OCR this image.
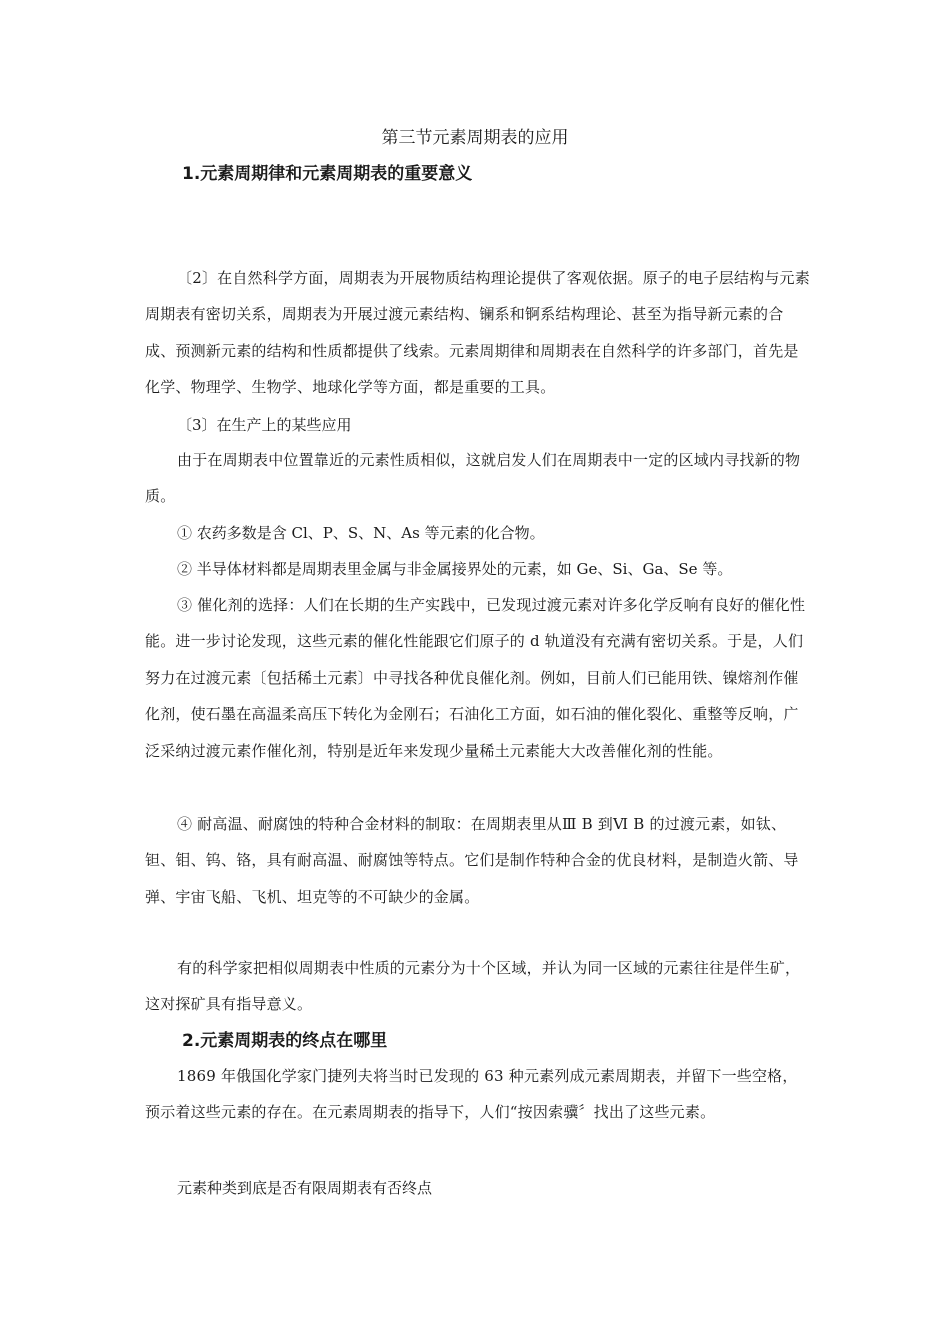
第三节元素周期表的应用
1.元素周期律和元素周期表的重要意义

〔2〕在自然科学方面，周期表为开展物质结构理论提供了客观依据。原子的电子层结构与元素周期表有密切关系，周期表为开展过渡元素结构、镧系和锕系结构理论、甚至为指导新元素的合成、预测新元素的结构和性质都提供了线索。元素周期律和周期表在自然科学的许多部门，首先是化学、物理学、生物学、地球化学等方面，都是重要的工具。

〔3〕在生产上的某些应用

由于在周期表中位置靠近的元素性质相似，这就启发人们在周期表中一定的区域内寻找新的物质。

① 农药多数是含 Cl、P、S、N、As 等元素的化合物。
② 半导体材料都是周期表里金属与非金属接界处的元素，如 Ge、Si、Ga、Se 等。

③ 催化剂的选择：人们在长期的生产实践中，已发现过渡元素对许多化学反响有良好的催化性能。进一步讨论发现，这些元素的催化性能跟它们原子的 d 轨道没有充满有密切关系。于是，人们努力在过渡元素〔包括稀土元素〕中寻找各种优良催化剂。例如，目前人们已能用铁、镍熔剂作催化剂，使石墨在高温柔高压下转化为金刚石；石油化工方面，如石油的催化裂化、重整等反响，广泛采纳过渡元素作催化剂，特别是近年来发现少量稀土元素能大大改善催化剂的性能。

④ 耐高温、耐腐蚀的特种合金材料的制取：在周期表里从Ⅲ B 到Ⅵ B 的过渡元素，如钛、钽、钼、钨、铬，具有耐高温、耐腐蚀等特点。它们是制作特种合金的优良材料，是制造火箭、导弹、宇宙飞船、飞机、坦克等的不可缺少的金属。

有的科学家把相似周期表中性质的元素分为十个区域，并认为同一区域的元素往往是伴生矿，这对探矿具有指导意义。

2.元素周期表的终点在哪里

1869 年俄国化学家门捷列夫将当时已发现的 63 种元素列成元素周期表，并留下一些空格，预示着这些元素的存在。在元素周期表的指导下，人们“按因索骥〞找出了这些元素。

元素种类到底是否有限周期表有否终点
